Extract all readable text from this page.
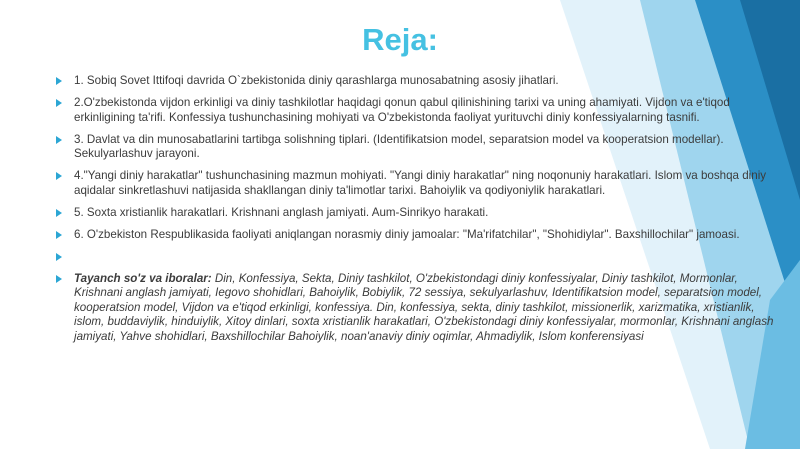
Reja:
1. Sobiq Sovet Ittifoqi davrida O`zbekistonida diniy qarashlarga munosabatning asosiy jihatlari.
2.O'zbekistonda vijdon erkinligi va diniy tashkilotlar haqidagi qonun qabul qilinishining tarixi va uning ahamiyati. Vijdon va e'tiqod erkinligining ta'rifi. Konfessiya tushunchasining mohiyati va O'zbekistonda faoliyat yurituvchi diniy konfessiyalarning tasnifi.
3. Davlat va din munosabatlarini tartibga solishning tiplari. (Identifikatsion model, separatsion model va kooperatsion modellar). Sekulyarlashuv jarayoni.
4."Yangi diniy harakatlar" tushunchasining mazmun mohiyati. "Yangi diniy harakatlar" ning noqonuniy harakatlari. Islom va boshqa diniy aqidalar sinkretlashuvi natijasida shakllangan diniy ta'limotlar tarixi. Bahoiylik va qodiyoniylik harakatlari.
5. Soxta xristianlik harakatlari. Krishnani anglash jamiyati. Aum-Sinrikyo harakati.
6. O'zbekiston Respublikasida faoliyati aniqlangan norasmiy diniy jamoalar: "Ma'rifatchilar", "Shohidiylar". Baxshillochilar" jamoasi.
Tayanch so'z va iboralar: Din, Konfessiya, Sekta, Diniy tashkilot, O'zbekistondagi diniy konfessiyalar, Diniy tashkilot, Mormonlar, Krishnani anglash jamiyati, Iegovo shohidlari, Bahoiylik, Bobiylik, 72 sessiya, sekulyarlashuv, Identifikatsion model, separatsion model, kooperatsion model, Vijdon va e'tiqod erkinligi, konfessiya. Din, konfessiya, sekta, diniy tashkilot, missionerlik, xarizmatika, xristianlik, islom, buddaviylik, hinduiylik, Xitoy dinlari, soxta xristianlik harakatlari, O'zbekistondagi diniy konfessiyalar, mormonlar, Krishnani anglash jamiyati, Yahve shohidlari, Baxshillochilar Bahoiylik, noan'anaviy diniy oqimlar, Ahmadiylik, Islom konferensiyasi
